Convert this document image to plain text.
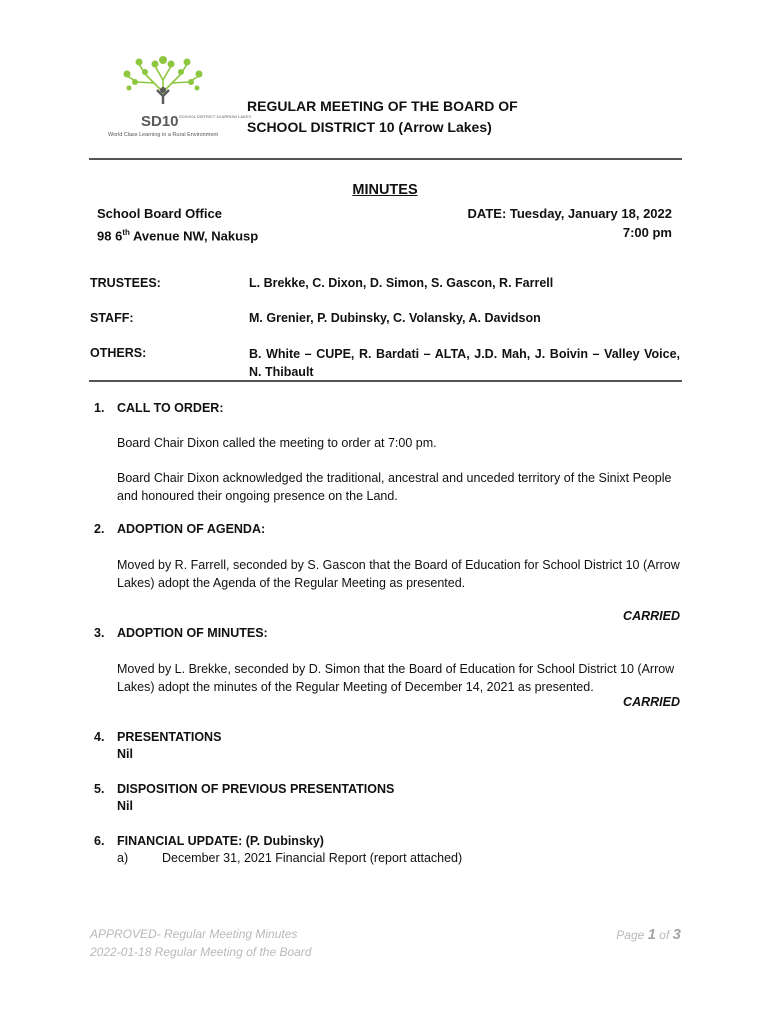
SD10 SCHOOL DISTRICT 10 ARROW LAKES
World Class Learning in a Rural Environment
REGULAR MEETING OF THE BOARD OF
SCHOOL DISTRICT 10 (Arrow Lakes)
MINUTES
School Board Office
98 6th Avenue NW, Nakusp
DATE: Tuesday, January 18, 2022
7:00 pm
TRUSTEES:	L. Brekke, C. Dixon, D. Simon, S. Gascon, R. Farrell
STAFF:	M. Grenier, P. Dubinsky, C. Volansky, A. Davidson
OTHERS:	B. White – CUPE, R. Bardati – ALTA, J.D. Mah, J. Boivin – Valley Voice, N. Thibault
1. CALL TO ORDER:
Board Chair Dixon called the meeting to order at 7:00 pm.
Board Chair Dixon acknowledged the traditional, ancestral and unceded territory of the Sinixt People and honoured their ongoing presence on the Land.
2. ADOPTION OF AGENDA:
Moved by R. Farrell, seconded by S. Gascon that the Board of Education for School District 10 (Arrow Lakes) adopt the Agenda of the Regular Meeting as presented.
CARRIED
3. ADOPTION OF MINUTES:
Moved by L. Brekke, seconded by D. Simon that the Board of Education for School District 10 (Arrow Lakes) adopt the minutes of the Regular Meeting of December 14, 2021 as presented.
CARRIED
4. PRESENTATIONS
Nil
5. DISPOSITION OF PREVIOUS PRESENTATIONS
Nil
6. FINANCIAL UPDATE: (P. Dubinsky)
a)	December 31, 2021 Financial Report (report attached)
APPROVED- Regular Meeting Minutes
2022-01-18 Regular Meeting of the Board
Page 1 of 3
